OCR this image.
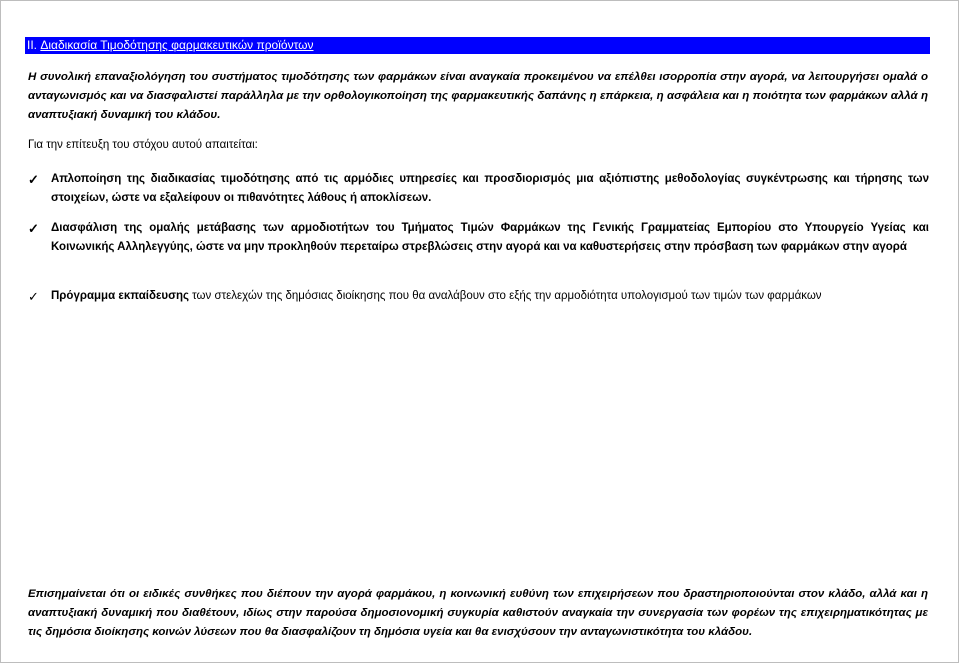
II. Διαδικασία Τιμοδότησης φαρμακευτικών προϊόντων
Η συνολική επαναξιολόγηση του συστήματος τιμοδότησης των φαρμάκων είναι αναγκαία προκειμένου να επέλθει ισορροπία στην αγορά, να λειτουργήσει ομαλά ο ανταγωνισμός και να διασφαλιστεί παράλληλα με την ορθολογικοποίηση της φαρμακευτικής δαπάνης η επάρκεια, η ασφάλεια και η ποιότητα των φαρμάκων αλλά η αναπτυξιακή δυναμική του κλάδου.
Για την επίτευξη του στόχου αυτού απαιτείται:
✓ Απλοποίηση της διαδικασίας τιμοδότησης από τις αρμόδιες υπηρεσίες και προσδιορισμός μια αξιόπιστης μεθοδολογίας συγκέντρωσης και τήρησης των στοιχείων, ώστε να εξαλείφουν οι πιθανότητες λάθους ή αποκλίσεων.
✓ Διασφάλιση της ομαλής μετάβασης των αρμοδιοτήτων του Τμήματος Τιμών Φαρμάκων της Γενικής Γραμματείας Εμπορίου στο Υπουργείο Υγείας και Κοινωνικής Αλληλεγγύης, ώστε να μην προκληθούν περεταίρω στρεβλώσεις στην αγορά και να καθυστερήσεις στην πρόσβαση των φαρμάκων στην αγορά
✓ Πρόγραμμα εκπαίδευσης των στελεχών της δημόσιας διοίκησης που θα αναλάβουν στο εξής την αρμοδιότητα υπολογισμού των τιμών των φαρμάκων
Επισημαίνεται ότι οι ειδικές συνθήκες που διέπουν την αγορά φαρμάκου, η κοινωνική ευθύνη των επιχειρήσεων που δραστηριοποιούνται στον κλάδο, αλλά και η αναπτυξιακή δυναμική που διαθέτουν, ιδίως στην παρούσα δημοσιονομική συγκυρία καθιστούν αναγκαία την συνεργασία των φορέων της επιχειρηματικότητας με τις δημόσια διοίκησης κοινών λύσεων που θα διασφαλίζουν τη δημόσια υγεία και θα ενισχύσουν την ανταγωνιστικότητα του κλάδου.
